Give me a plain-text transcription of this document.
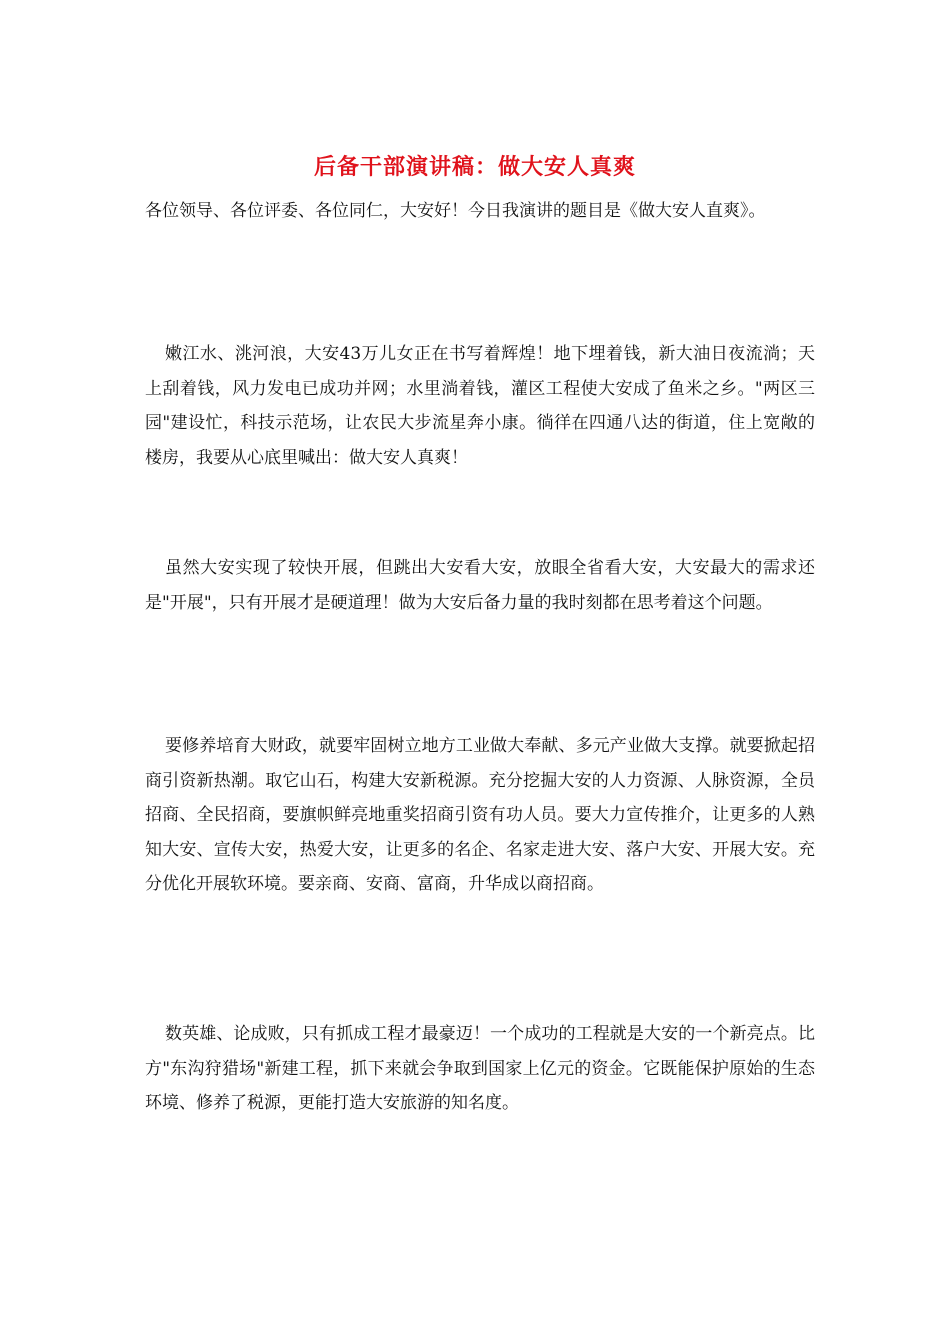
后备干部演讲稿：做大安人真爽

各位领导、各位评委、各位同仁，大安好！今日我演讲的题目是《做大安人直爽》。

嫩江水、洮河浪，大安43万儿女正在书写着辉煌！地下埋着钱，新大油日夜流淌；天上刮着钱，风力发电已成功并网；水里淌着钱，灌区工程使大安成了鱼米之乡。"两区三园"建设忙，科技示范场，让农民大步流星奔小康。徜徉在四通八达的街道，住上宽敞的楼房，我要从心底里喊出：做大安人真爽！

虽然大安实现了较快开展，但跳出大安看大安，放眼全省看大安，大安最大的需求还是"开展"，只有开展才是硬道理！做为大安后备力量的我时刻都在思考着这个问题。

要修养培育大财政，就要牢固树立地方工业做大奉献、多元产业做大支撑。就要掀起招商引资新热潮。取它山石，构建大安新税源。充分挖掘大安的人力资源、人脉资源，全员招商、全民招商，要旗帜鲜亮地重奖招商引资有功人员。要大力宣传推介，让更多的人熟知大安、宣传大安，热爱大安，让更多的名企、名家走进大安、落户大安、开展大安。充分优化开展软环境。要亲商、安商、富商，升华成以商招商。

数英雄、论成败，只有抓成工程才最豪迈！一个成功的工程就是大安的一个新亮点。比方"东沟狩猎场"新建工程，抓下来就会争取到国家上亿元的资金。它既能保护原始的生态环境、修养了税源，更能打造大安旅游的知名度。
